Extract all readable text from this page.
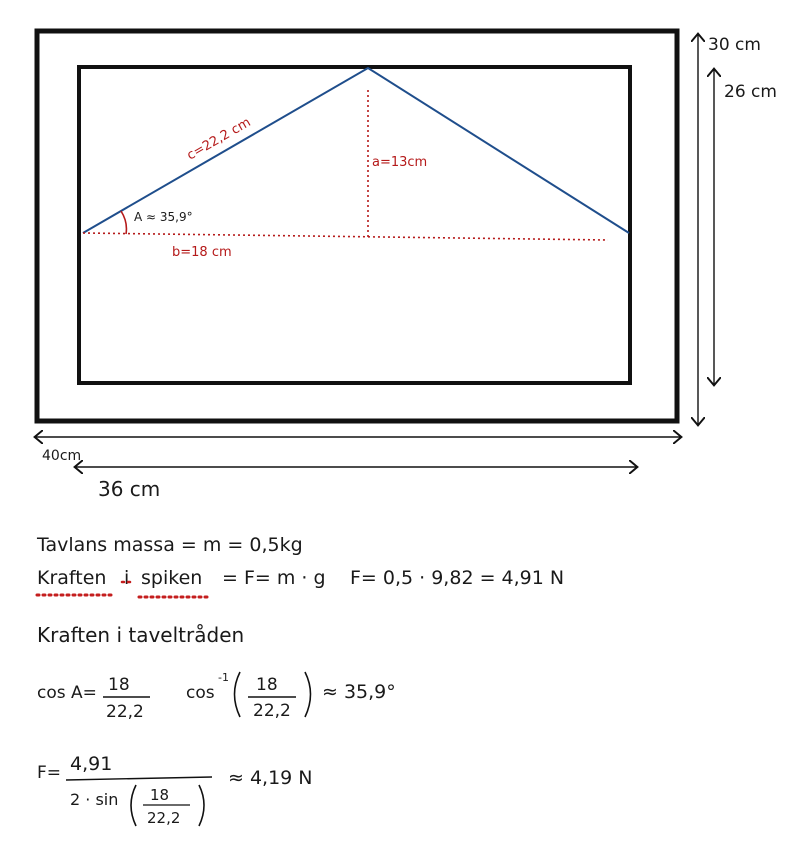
30 cm
26 cm
40cm
36 cm
c=22,2 cm	a=13cm
b=18 cm
A ≈ 35,9°
Tavlans massa = m = 0,5kg
Kraften i spiken = F= m · g F= 0,5 · 9,82 = 4,91 N
Kraften i taveltråden
cos A= 18
22,2
cos
-1 18
22,2
≈ 35,9°
F= 4,91
2 · sin 18
22,2
≈ 4,19 N
